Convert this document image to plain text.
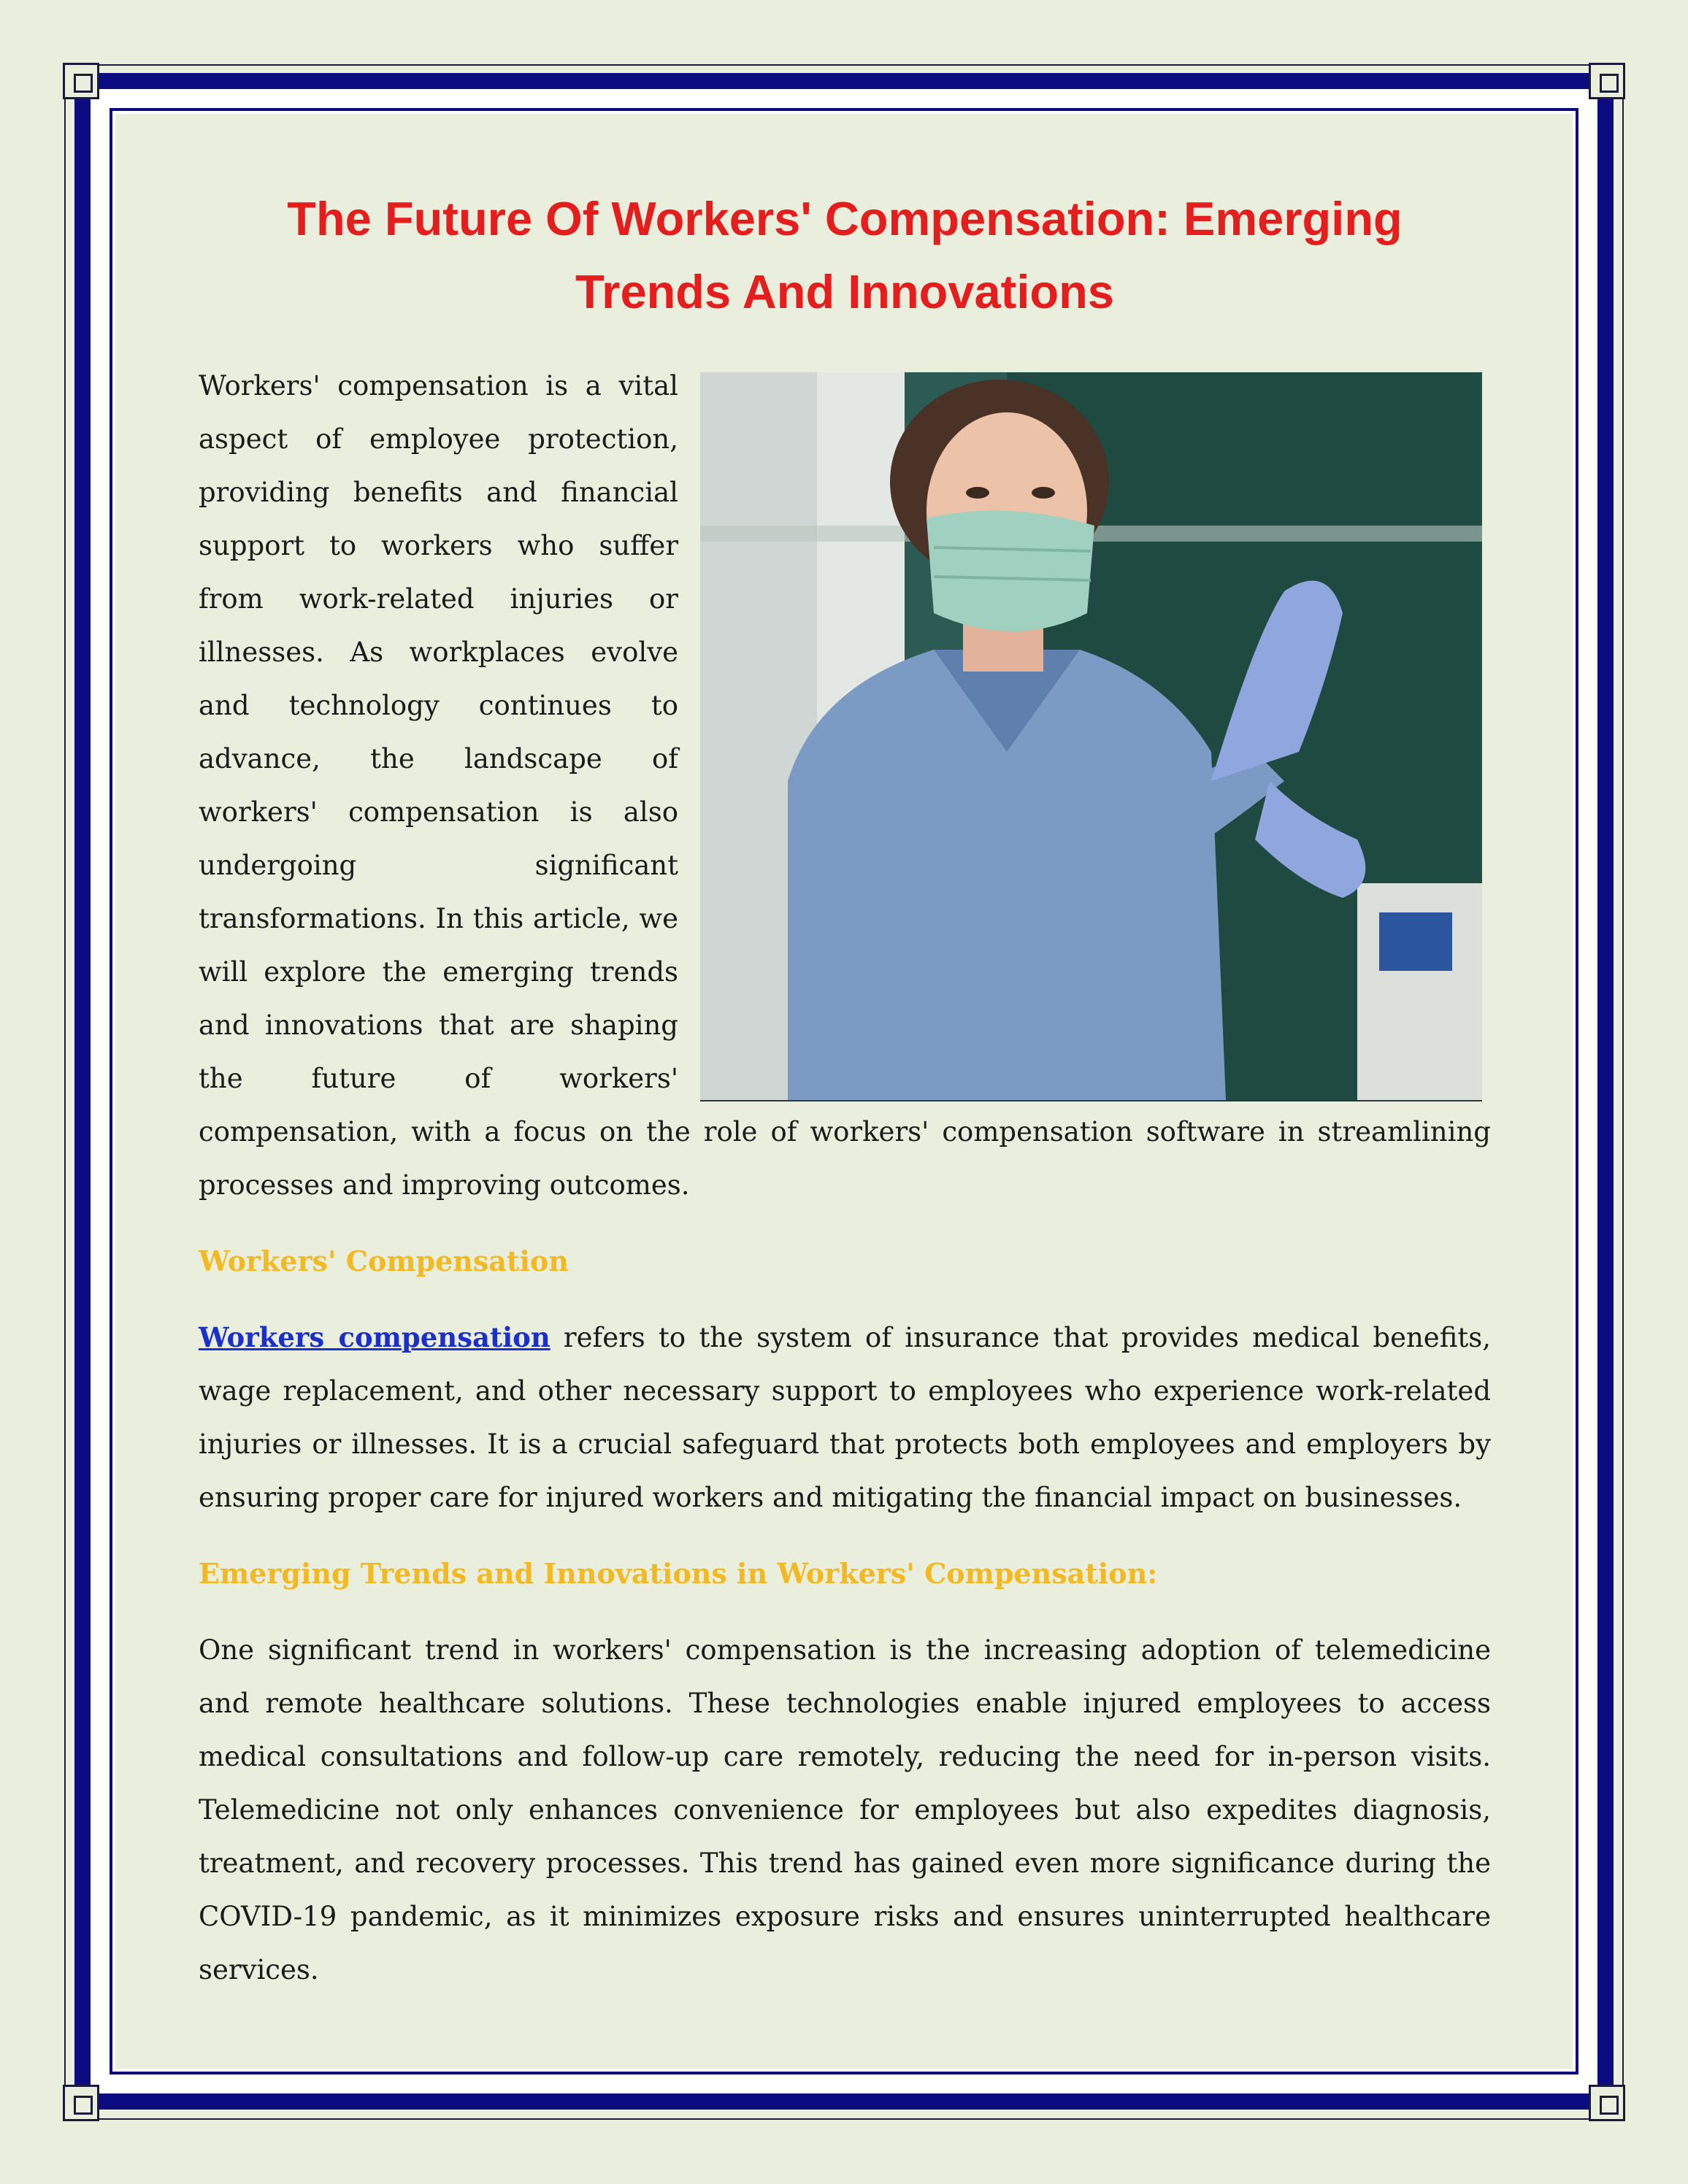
The Future Of Workers' Compensation: Emerging
Trends And Innovations

Workers' compensation is a vital aspect of employee protection, providing benefits and financial support to workers who suffer from work-related injuries or illnesses. As workplaces evolve and technology continues to advance, the landscape of workers' compensation is also undergoing significant transformations. In this article, we will explore the emerging trends and innovations that are shaping the future of workers' compensation, with a focus on the role of workers' compensation software in streamlining processes and improving outcomes.

Workers' Compensation

Workers compensation refers to the system of insurance that provides medical benefits, wage replacement, and other necessary support to employees who experience work-related injuries or illnesses. It is a crucial safeguard that protects both employees and employers by ensuring proper care for injured workers and mitigating the financial impact on businesses.

Emerging Trends and Innovations in Workers' Compensation:

One significant trend in workers' compensation is the increasing adoption of telemedicine and remote healthcare solutions. These technologies enable injured employees to access medical consultations and follow-up care remotely, reducing the need for in-person visits. Telemedicine not only enhances convenience for employees but also expedites diagnosis, treatment, and recovery processes. This trend has gained even more significance during the COVID-19 pandemic, as it minimizes exposure risks and ensures uninterrupted healthcare services.
